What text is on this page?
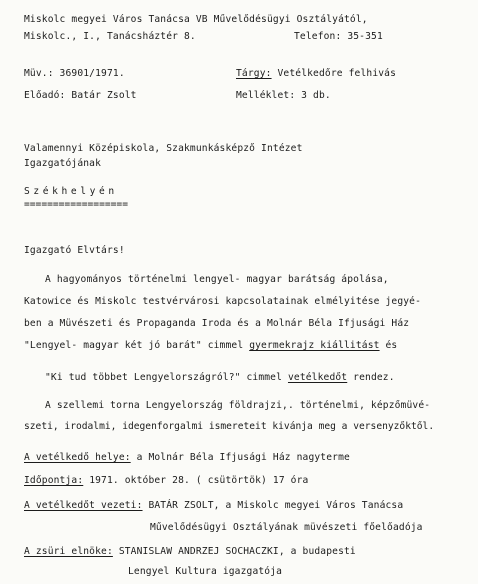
Miskolc megyei Város Tanácsa VB Művelődésügyi Osztályától,
Miskolc., I., Tanácsháztér 8.	Telefon: 35-351
Müv.: 36901/1971.
Előadó: Batár Zsolt
Tárgy: Vetélkedőre felhivás
Melléklet: 3 db.
Valamennyi Középiskola, Szakmunkásképző Intézet
Igazgatójának
Székhelyén
==================
Igazgató Elvtárs!
A hagyományos történelmi lengyel- magyar barátság ápolása,
Katowice és Miskolc testvérvárosi kapcsolatainak elmélyitése jegyé-
ben a Müvészeti és Propaganda Iroda és a Molnár Béla Ifjusági Ház
"Lengyel- magyar két jó barát" cimmel gyermekrajz kiállitást és
"Ki tud többet Lengyelországról?" cimmel vetélkedőt rendez.
A szellemi torna Lengyelország földrajzi,. történelmi, képzőmüvé-
szeti, irodalmi, idegenforgalmi ismereteit kivánja meg a versenyzőktől.
A vetélkedő helye: a Molnár Béla Ifjusági Ház nagyterme
Időpontja: 1971. október 28. ( csütörtök) 17 óra
A vetélkedőt vezeti: BATÁR ZSOLT, a Miskolc megyei Város Tanácsa
Művelődésügyi Osztályának müvészeti főelőadója
A zsüri elnöke: STANISLAW ANDRZEJ SOCHACZKI, a budapesti
Lengyel Kultura igazgatója
